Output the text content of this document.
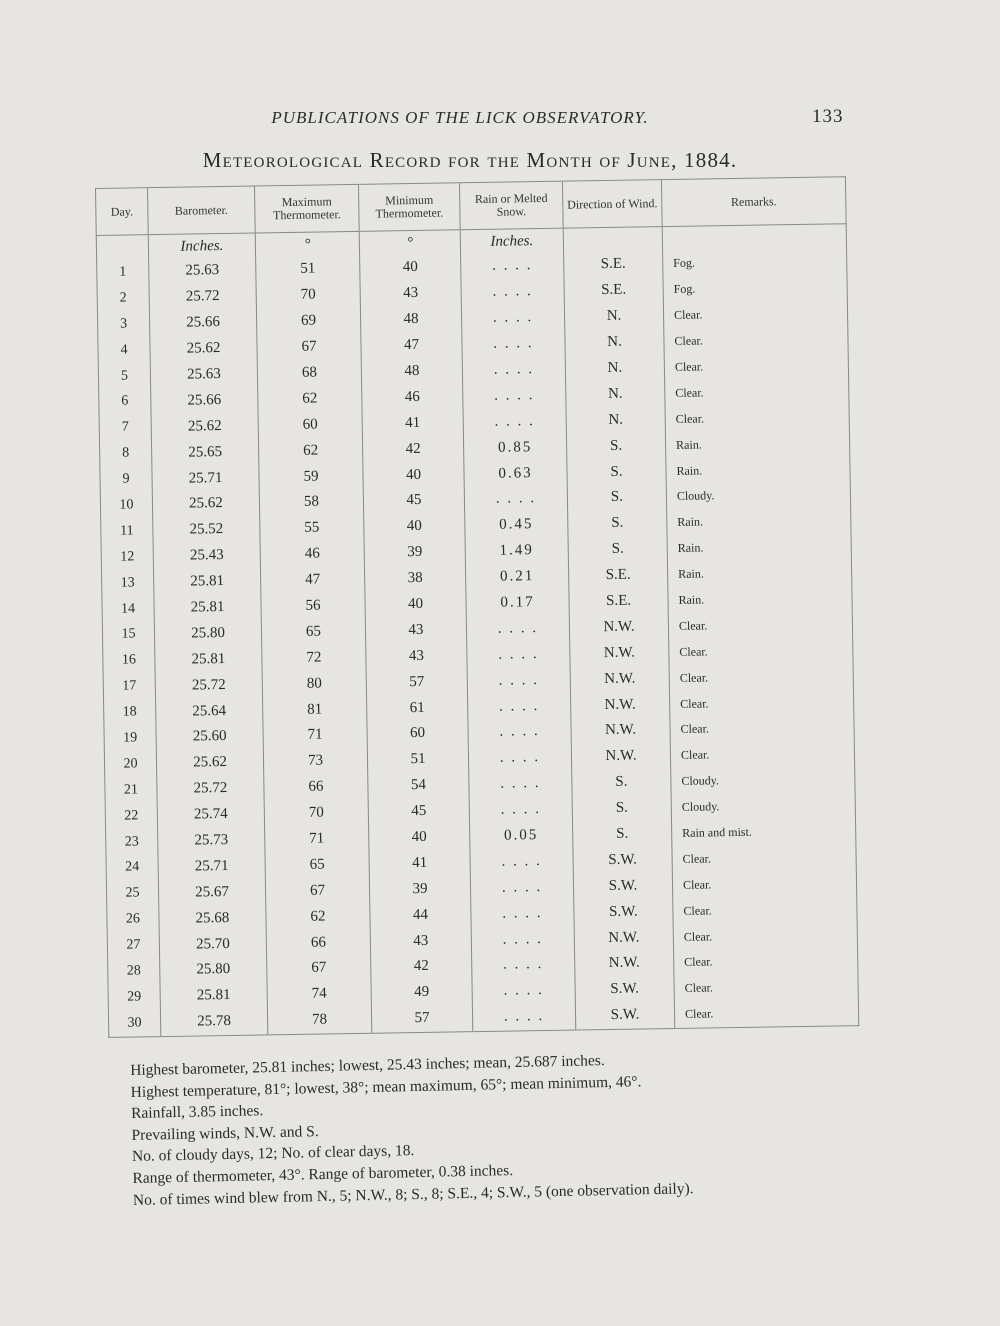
PUBLICATIONS OF THE LICK OBSERVATORY.	133
Meteorological Record for the Month of June, 1884.
Day.	Barometer.	Maximum Thermometer.	Minimum Thermometer.	Rain or Melted Snow.	Direction of Wind.	Remarks.
	Inches.	°	°	Inches.		
1	25.63	51	40	. . . .	S.E.	Fog.
2	25.72	70	43	. . . .	S.E.	Fog.
3	25.66	69	48	. . . .	N.	Clear.
4	25.62	67	47	. . . .	N.	Clear.
5	25.63	68	48	. . . .	N.	Clear.
6	25.66	62	46	. . . .	N.	Clear.
7	25.62	60	41	. . . .	N.	Clear.
8	25.65	62	42	0.85	S.	Rain.
9	25.71	59	40	0.63	S.	Rain.
10	25.62	58	45	. . . .	S.	Cloudy.
11	25.52	55	40	0.45	S.	Rain.
12	25.43	46	39	1.49	S.	Rain.
13	25.81	47	38	0.21	S.E.	Rain.
14	25.81	56	40	0.17	S.E.	Rain.
15	25.80	65	43	. . . .	N.W.	Clear.
16	25.81	72	43	. . . .	N.W.	Clear.
17	25.72	80	57	. . . .	N.W.	Clear.
18	25.64	81	61	. . . .	N.W.	Clear.
19	25.60	71	60	. . . .	N.W.	Clear.
20	25.62	73	51	. . . .	N.W.	Clear.
21	25.72	66	54	. . . .	S.	Cloudy.
22	25.74	70	45	. . . .	S.	Cloudy.
23	25.73	71	40	0.05	S.	Rain and mist.
24	25.71	65	41	. . . .	S.W.	Clear.
25	25.67	67	39	. . . .	S.W.	Clear.
26	25.68	62	44	. . . .	S.W.	Clear.
27	25.70	66	43	. . . .	N.W.	Clear.
28	25.80	67	42	. . . .	N.W.	Clear.
29	25.81	74	49	. . . .	S.W.	Clear.
30	25.78	78	57	. . . .	S.W.	Clear.
Highest barometer, 25.81 inches; lowest, 25.43 inches; mean, 25.687 inches.
Highest temperature, 81°; lowest, 38°; mean maximum, 65°; mean minimum, 46°.
Rainfall, 3.85 inches.
Prevailing winds, N.W. and S.
No. of cloudy days, 12; No. of clear days, 18.
Range of thermometer, 43°. Range of barometer, 0.38 inches.
No. of times wind blew from N., 5; N.W., 8; S., 8; S.E., 4; S.W., 5 (one observation daily).
